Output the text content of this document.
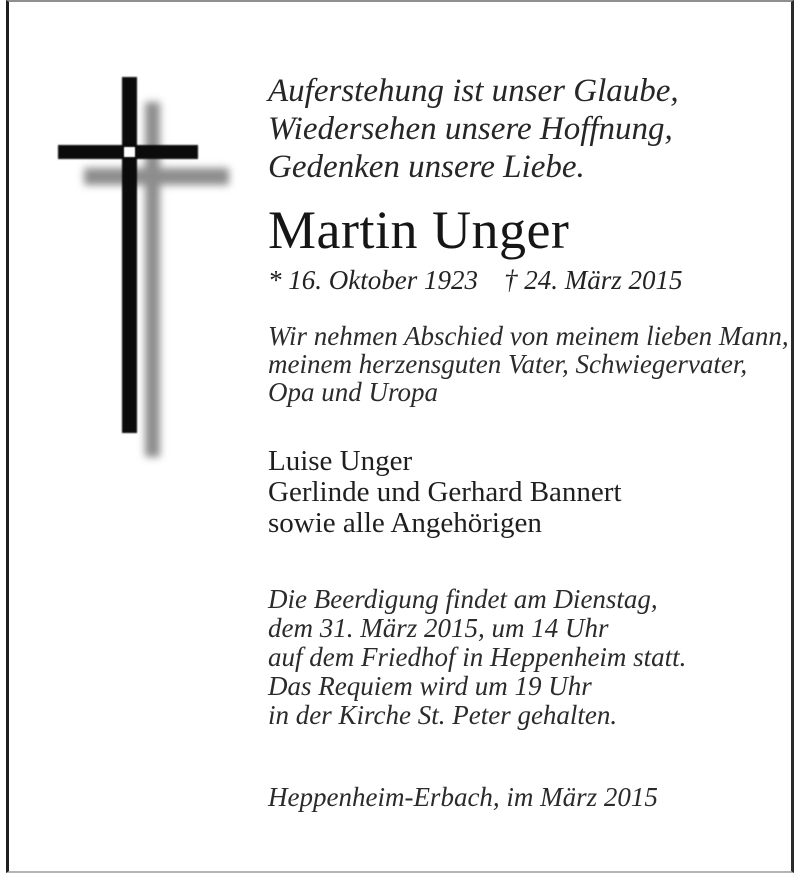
Auferstehung ist unser Glaube,
Wiedersehen unsere Hoffnung,
Gedenken unsere Liebe.
Martin Unger
* 16. Oktober 1923 † 24. März 2015
Wir nehmen Abschied von meinem lieben Mann,
meinem herzensguten Vater, Schwiegervater,
Opa und Uropa
Luise Unger
Gerlinde und Gerhard Bannert
sowie alle Angehörigen
Die Beerdigung findet am Dienstag,
dem 31. März 2015, um 14 Uhr
auf dem Friedhof in Heppenheim statt.
Das Requiem wird um 19 Uhr
in der Kirche St. Peter gehalten.
Heppenheim-Erbach, im März 2015
